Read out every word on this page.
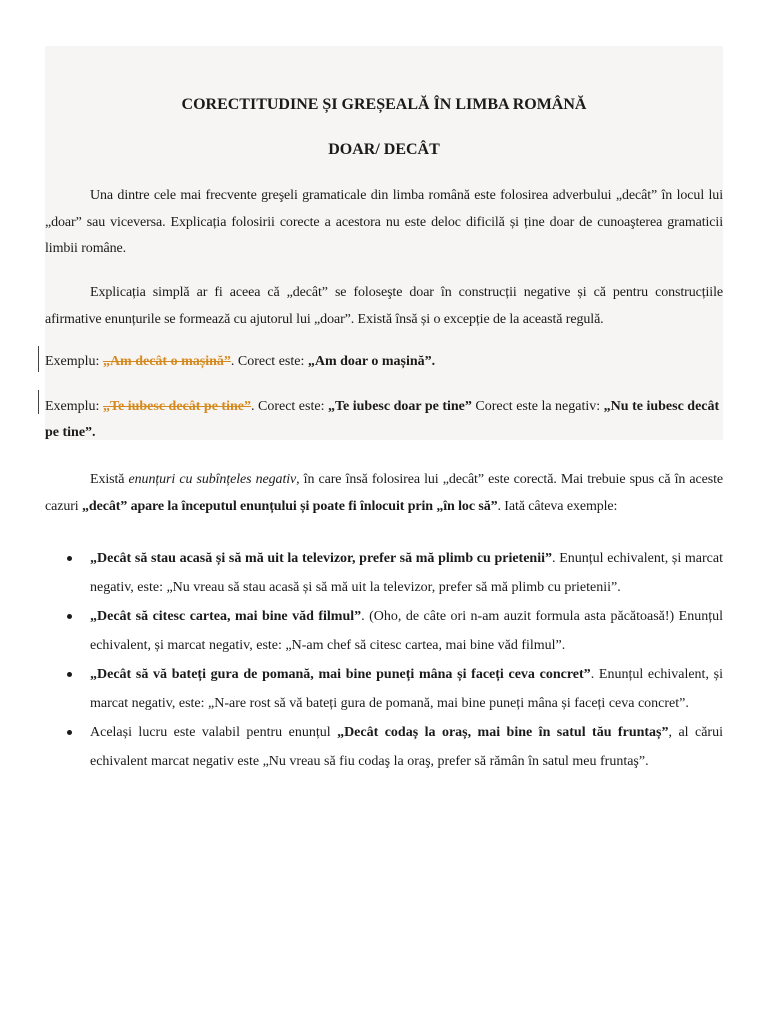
CORECTITUDINE ȘI GREȘEALĂ ÎN LIMBA ROMÂNĂ
DOAR/ DECÂT

Una dintre cele mai frecvente greşeli gramaticale din limba română este folosirea adverbului „decât” în locul lui „doar” sau viceversa. Explicația folosirii corecte a acestora nu este deloc dificilă și ține doar de cunoaşterea gramaticii limbii române.

Explicația simplă ar fi aceea că „decât” se foloseşte doar în construcții negative și că pentru construcțiile afirmative enunțurile se formează cu ajutorul lui „doar”. Există însă și o excepție de la această regulă.

Exemplu: „Am decât o mașină”. Corect este: „Am doar o mașină”.

Exemplu: „Te iubesc decât pe tine”. Corect este: „Te iubesc doar pe tine” Corect este la negativ: „Nu te iubesc decât pe tine”.

Există enunțuri cu subînțeles negativ, în care însă folosirea lui „decât” este corectă. Mai trebuie spus că în aceste cazuri „decât” apare la începutul enunțului și poate fi înlocuit prin „în loc să”. Iată câteva exemple:

„Decât să stau acasă și să mă uit la televizor, prefer să mă plimb cu prietenii”. Enunțul echivalent, și marcat negativ, este: „Nu vreau să stau acasă și să mă uit la televizor, prefer să mă plimb cu prietenii”.
„Decât să citesc cartea, mai bine văd filmul”. (Oho, de câte ori n-am auzit formula asta păcătoasă!) Enunțul echivalent, și marcat negativ, este: „N-am chef să citesc cartea, mai bine văd filmul”.
„Decât să vă bateți gura de pomană, mai bine puneți mâna și faceți ceva concret”. Enunțul echivalent, și marcat negativ, este: „N-are rost să vă bateți gura de pomană, mai bine puneți mâna și faceți ceva concret”.
Același lucru este valabil pentru enunțul „Decât codaș la oraș, mai bine în satul tău fruntaș”, al cărui echivalent marcat negativ este „Nu vreau să fiu codaş la oraş, prefer să rămân în satul meu fruntaş”.
